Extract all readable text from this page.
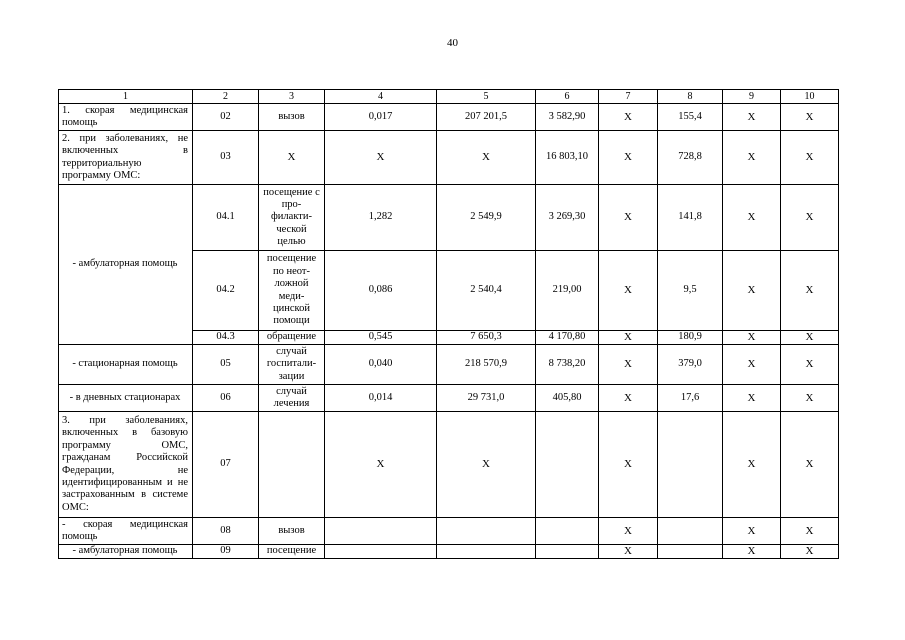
40
1	2	3	4	5	6	7	8	9	10
1. скорая медицинская помощь	02	вызов	0,017	207 201,5	3 582,90	Х	155,4	Х	Х
2. при заболеваниях, не включенных в территориальную программу ОМС:	03	Х	Х	Х	16 803,10	Х	728,8	Х	Х
- амбулаторная помощь	04.1	посещение с про-филакти-ческой целью	1,282	2 549,9	3 269,30	Х	141,8	Х	Х
	04.2	посещение по неот-ложной меди-цинской помощи	0,086	2 540,4	219,00	Х	9,5	Х	Х
	04.3	обращение	0,545	7 650,3	4 170,80	Х	180,9	Х	Х
- стационарная помощь	05	случай госпитали-зации	0,040	218 570,9	8 738,20	Х	379,0	Х	Х
- в дневных стационарах	06	случай лечения	0,014	29 731,0	405,80	Х	17,6	Х	Х
3. при заболеваниях, включенных в базовую программу ОМС, гражданам Российской Федерации, не идентифицированным и не застрахованным в системе ОМС:	07		Х	Х		Х		Х	Х
- скорая медицинская помощь	08	вызов				Х		Х	Х
- амбулаторная помощь	09	посещение				Х		Х	Х
